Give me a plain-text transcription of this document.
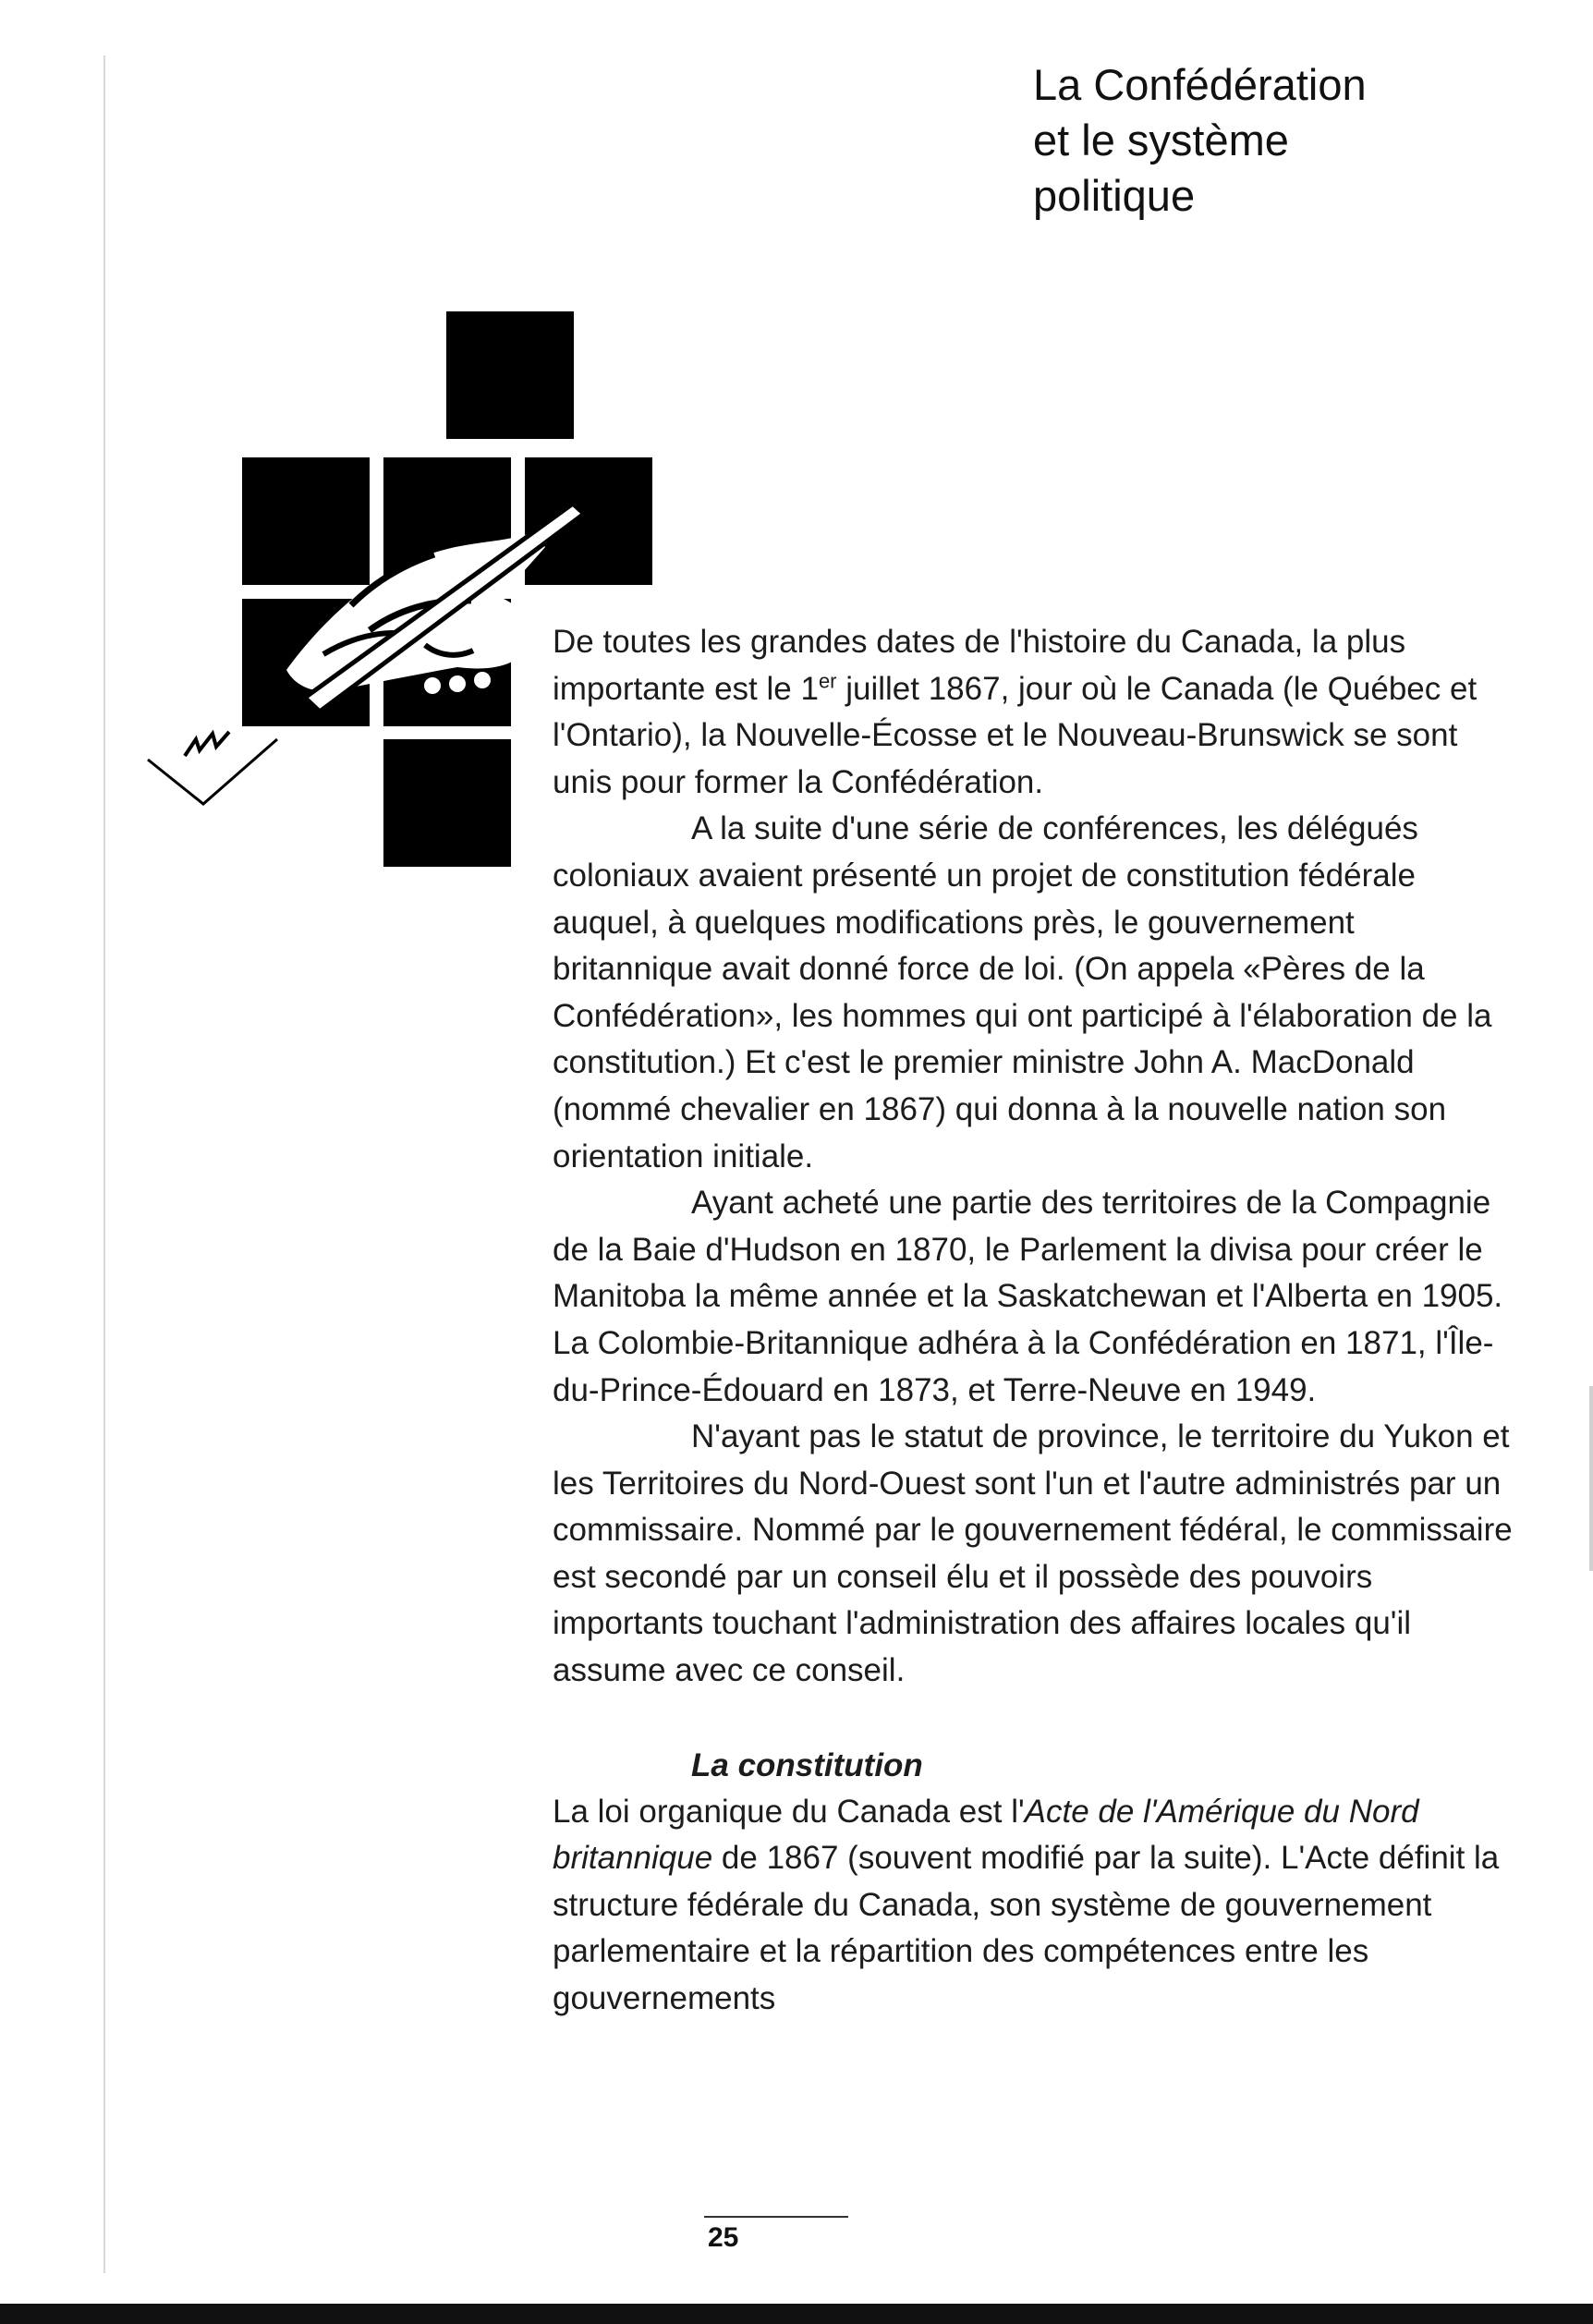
La Confédération
et le système
politique

De toutes les grandes dates de l'histoire du Canada, la plus importante est le 1er juillet 1867, jour où le Canada (le Québec et l'Ontario), la Nouvelle-Écosse et le Nouveau-Brunswick se sont unis pour former la Confédération.

A la suite d'une série de conférences, les délégués coloniaux avaient présenté un projet de constitution fédérale auquel, à quelques modifications près, le gouvernement britannique avait donné force de loi. (On appela «Pères de la Confédération», les hommes qui ont participé à l'élaboration de la constitution.) Et c'est le premier ministre John A. MacDonald (nommé chevalier en 1867) qui donna à la nouvelle nation son orientation initiale.

Ayant acheté une partie des territoires de la Compagnie de la Baie d'Hudson en 1870, le Parlement la divisa pour créer le Manitoba la même année et la Saskatchewan et l'Alberta en 1905. La Colombie-Britannique adhéra à la Confédération en 1871, l'Île-du-Prince-Édouard en 1873, et Terre-Neuve en 1949.

N'ayant pas le statut de province, le territoire du Yukon et les Territoires du Nord-Ouest sont l'un et l'autre administrés par un commissaire. Nommé par le gouvernement fédéral, le commissaire est secondé par un conseil élu et il possède des pouvoirs importants touchant l'administration des affaires locales qu'il assume avec ce conseil.

La constitution

La loi organique du Canada est l'Acte de l'Amérique du Nord britannique de 1867 (souvent modifié par la suite). L'Acte définit la structure fédérale du Canada, son système de gouvernement parlementaire et la répartition des compétences entre les gouvernements

25
